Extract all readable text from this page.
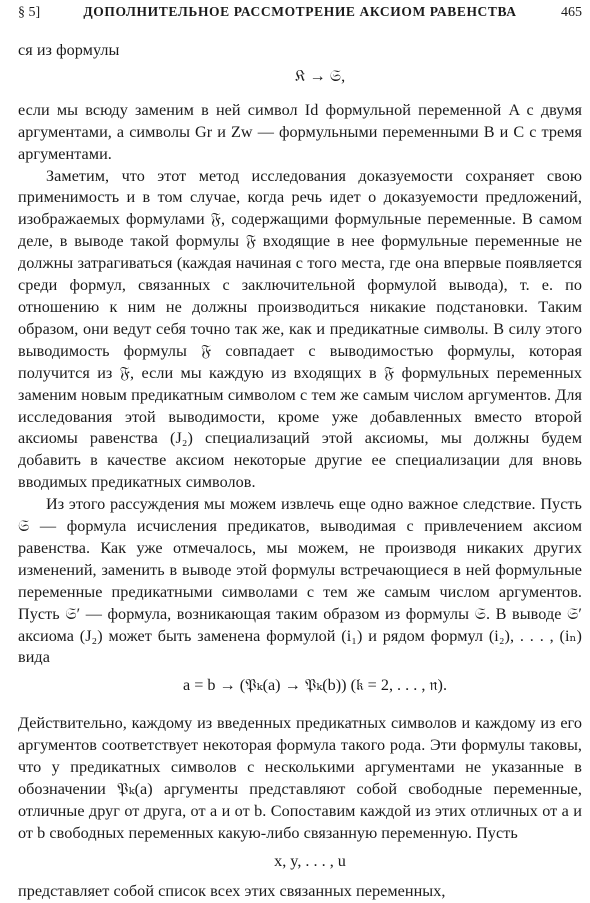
§ 5]	ДОПОЛНИТЕЛЬНОЕ РАССМОТРЕНИЕ АКСИОМ РАВЕНСТВА	465

ся из формулы

𝔎 → 𝔖,

если мы всюду заменим в ней символ Id формульной переменной A с двумя аргументами, а символы Gr и Zw — формульными переменными B и C с тремя аргументами.

Заметим, что этот метод исследования доказуемости сохраняет свою применимость и в том случае, когда речь идет о доказуемости предложений, изображаемых формулами 𝔉, содержащими формульные переменные. В самом деле, в выводе такой формулы 𝔉 входящие в нее формульные переменные не должны затрагиваться (каждая начиная с того места, где она впервые появляется среди формул, связанных с заключительной формулой вывода), т. е. по отношению к ним не должны производиться никакие подстановки. Таким образом, они ведут себя точно так же, как и предикатные символы. В силу этого выводимость формулы 𝔉 совпадает с выводимостью формулы, которая получится из 𝔉, если мы каждую из входящих в 𝔉 формульных переменных заменим новым предикатным символом с тем же самым числом аргументов. Для исследования этой выводимости, кроме уже добавленных вместо второй аксиомы равенства (J₂) специализаций этой аксиомы, мы должны будем добавить в качестве аксиом некоторые другие ее специализации для вновь вводимых предикатных символов.

Из этого рассуждения мы можем извлечь еще одно важное следствие. Пусть 𝔖 — формула исчисления предикатов, выводимая с привлечением аксиом равенства. Как уже отмечалось, мы можем, не производя никаких других изменений, заменить в выводе этой формулы встречающиеся в ней формульные переменные предикатными символами с тем же самым числом аргументов. Пусть 𝔖′ — формула, возникающая таким образом из формулы 𝔖. В выводе 𝔖′ аксиома (J₂) может быть заменена формулой (i₁) и рядом формул (i₂), . . . , (iₙ) вида

a = b → (𝔓ₖ(a) → 𝔓ₖ(b)) (𝔨 = 2, . . . , 𝔫).

Действительно, каждому из введенных предикатных символов и каждому из его аргументов соответствует некоторая формула такого рода. Эти формулы таковы, что у предикатных символов с несколькими аргументами не указанные в обозначении 𝔓ₖ(a) аргументы представляют собой свободные переменные, отличные друг от друга, от a и от b. Сопоставим каждой из этих отличных от a и от b свободных переменных какую-либо связанную переменную. Пусть

x, y, . . . , u

представляет собой список всех этих связанных переменных,
